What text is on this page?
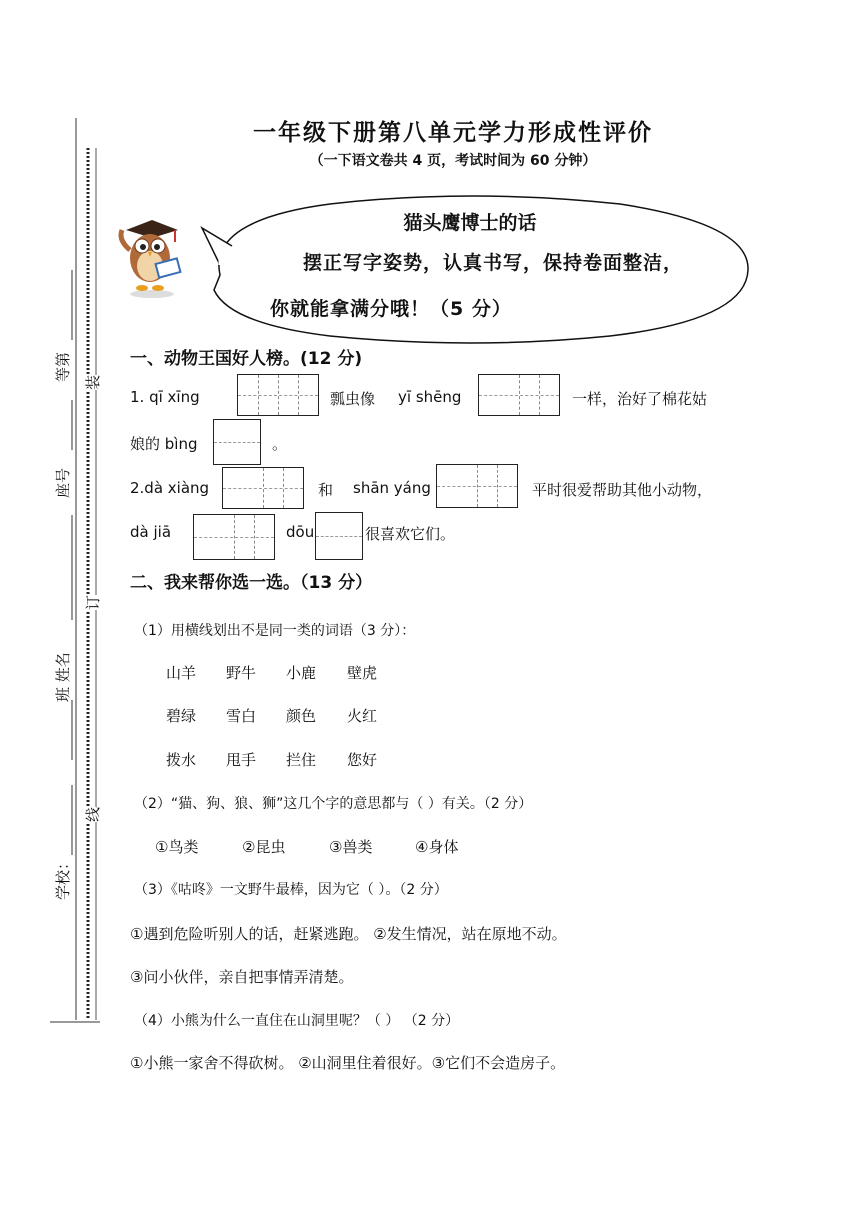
等第
座号
班 姓名
学校：
装
订
线
一年级下册第八单元学力形成性评价
（一下语文卷共 4 页，考试时间为 60 分钟）
猫头鹰博士的话
摆正写字姿势，认真书写，保持卷面整洁，
你就能拿满分哦！（5 分）
一、动物王国好人榜。(12 分)
1. qī xīng	瓢虫像 yī shēng	一样，治好了棉花姑
娘的 bìng	。
2.dà xiàng	和 shān yáng	平时很爱帮助其他小动物，
dà jiā	dōu	很喜欢它们。
二、我来帮你选一选。（13 分）
（1）用横线划出不是同一类的词语（3 分）：
山羊 野牛 小鹿 壁虎
碧绿 雪白 颜色 火红
拨水 甩手 拦住 您好
（2）“猫、狗、狼、狮”这几个字的意思都与（ ）有关。（2 分）
①鸟类	②昆虫	③兽类	④身体
（3）《咕咚》一文野牛最棒，因为它（ ）。（2 分）
①遇到危险听别人的话，赶紧逃跑。 ②发生情况，站在原地不动。
③问小伙伴，亲自把事情弄清楚。
（4）小熊为什么一直住在山洞里呢？（ ） （2 分）
①小熊一家舍不得砍树。 ②山洞里住着很好。③它们不会造房子。
